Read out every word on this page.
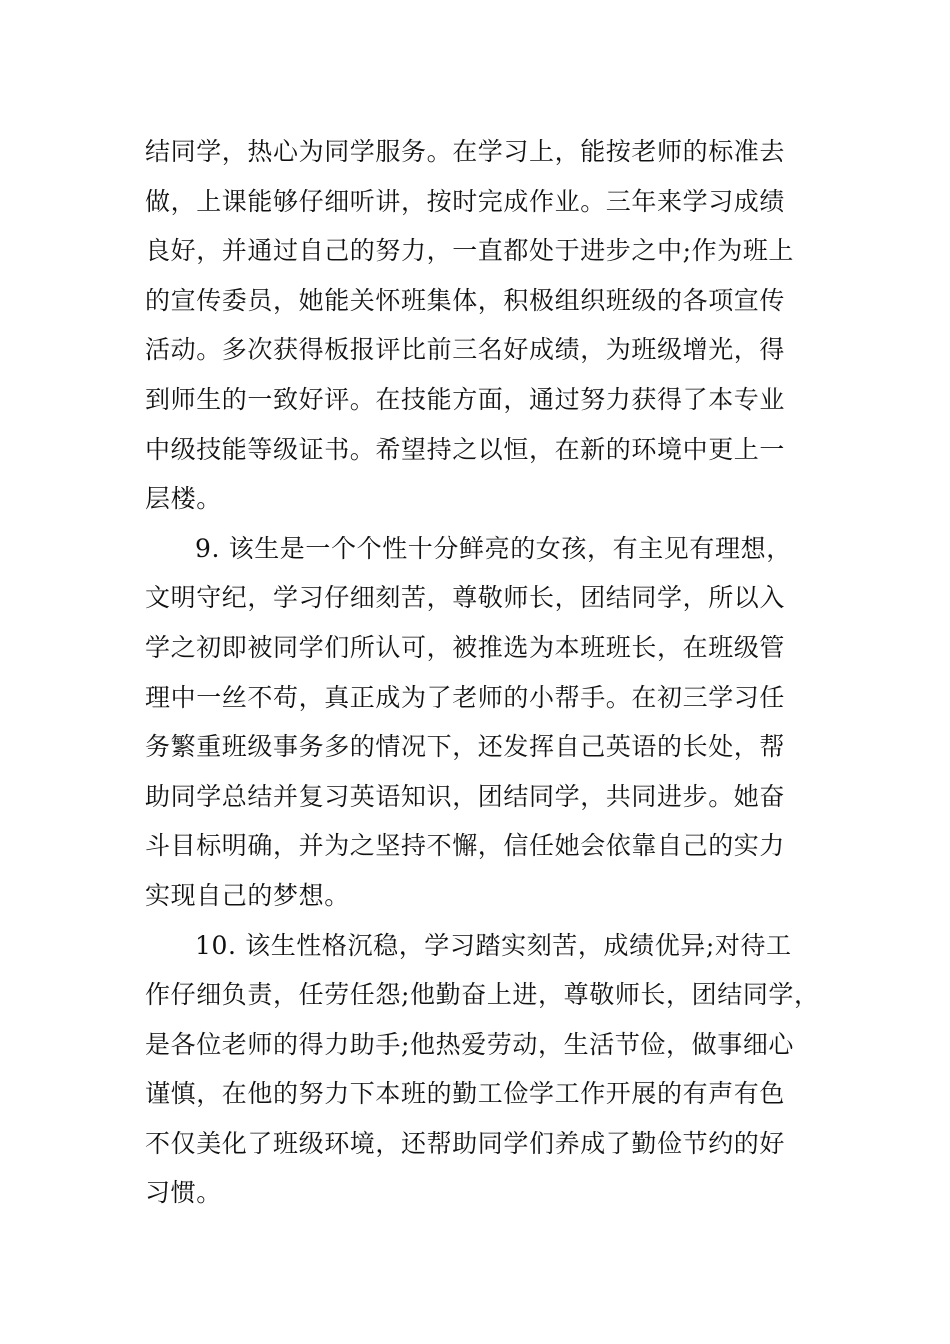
结同学，热心为同学服务。在学习上，能按老师的标准去
做，上课能够仔细听讲，按时完成作业。三年来学习成绩
良好，并通过自己的努力，一直都处于进步之中;作为班上
的宣传委员，她能关怀班集体，积极组织班级的各项宣传
活动。多次获得板报评比前三名好成绩，为班级增光，得
到师生的一致好评。在技能方面，通过努力获得了本专业
中级技能等级证书。希望持之以恒，在新的环境中更上一
层楼。
9. 该生是一个个性十分鲜亮的女孩，有主见有理想，
文明守纪，学习仔细刻苦，尊敬师长，团结同学，所以入
学之初即被同学们所认可，被推选为本班班长，在班级管
理中一丝不苟，真正成为了老师的小帮手。在初三学习任
务繁重班级事务多的情况下，还发挥自己英语的长处，帮
助同学总结并复习英语知识，团结同学，共同进步。她奋
斗目标明确，并为之坚持不懈，信任她会依靠自己的实力
实现自己的梦想。
10. 该生性格沉稳，学习踏实刻苦，成绩优异;对待工
作仔细负责，任劳任怨;他勤奋上进，尊敬师长，团结同学，
是各位老师的得力助手;他热爱劳动，生活节俭，做事细心
谨慎，在他的努力下本班的勤工俭学工作开展的有声有色
不仅美化了班级环境，还帮助同学们养成了勤俭节约的好
习惯。
